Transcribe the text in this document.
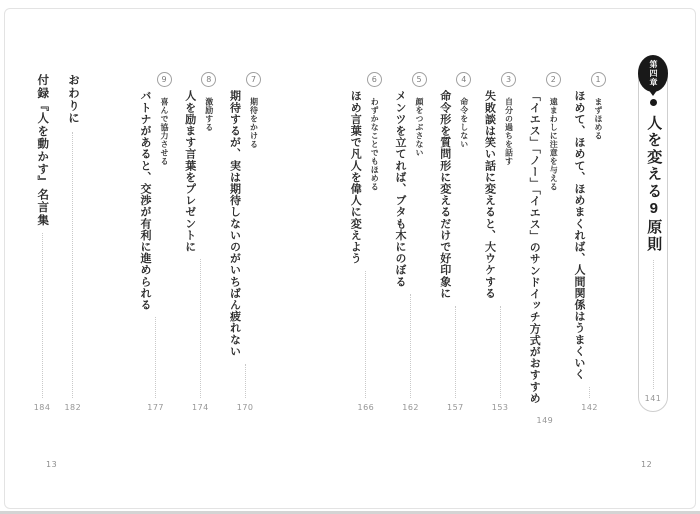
第四章
人を変える9原則
141
1 まずほめる
ほめて、ほめて、ほめまくれば、人間関係はうまくいく
142
2 遠まわしに注意を与える
「イエス」「ノー」「イエス」のサンドイッチ方式がおすすめ
149
3 自分の過ちを話す
失敗談は笑い話に変えると、大ウケする
153
4 命令をしない
命令形を質問形に変えるだけで好印象に
157
5 顔をつぶさない
メンツを立てれば、ブタも木にのぼる
162
6 わずかなことでもほめる
ほめ言葉で凡人を偉人に変えよう
166
7 期待をかける
期待するが、実は期待しないのがいちばん疲れない
170
8 激励する
人を励ます言葉をプレゼントに
174
9 喜んで協力させる
バトナがあると、交渉が有利に進められる
177
おわりに
182
付録『人を動かす』名言集
184
13	12
